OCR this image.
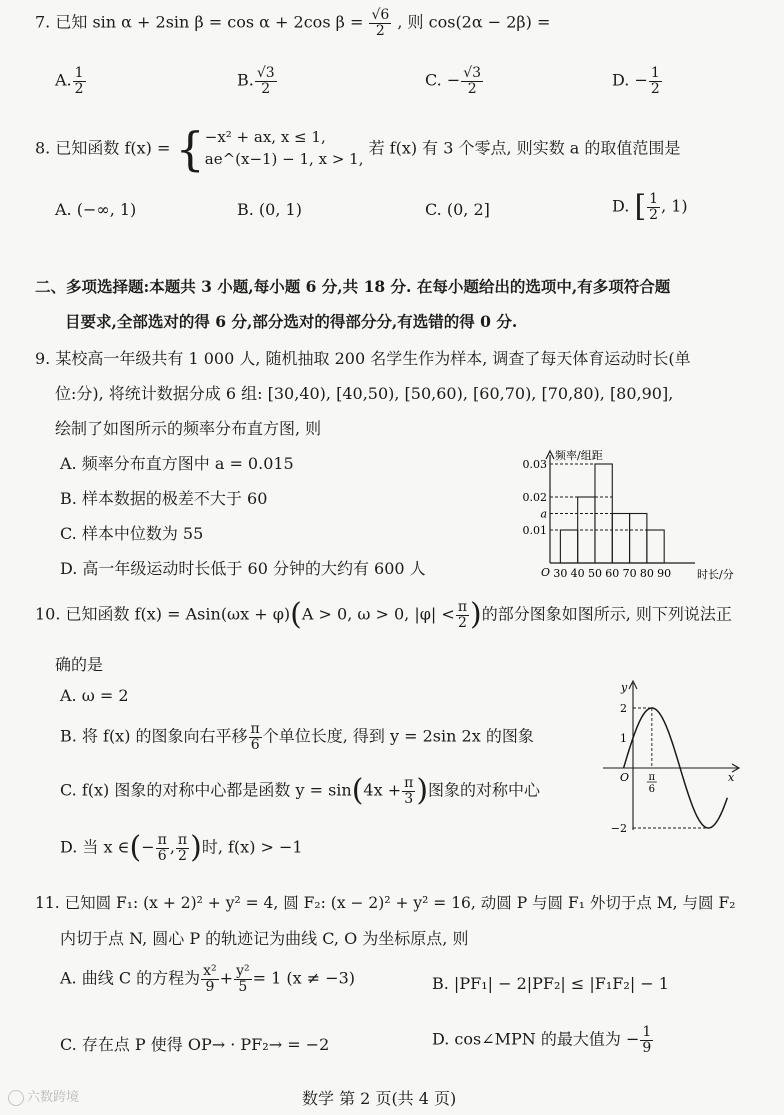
7. 已知 sin α + 2sin β = cos α + 2cos $\beta = \frac{√6}{2}$ , 则 cos(2α − 2β) =
A. $\frac{1}{2}$	B. $\frac{√3}{2}$	C. − $\frac{√3}{2}$	D. − $\frac{1}{2}$
8. 已知函数 f(x) = { −x² + ax, x ≤ 1,
ae^(x−1) − 1, x > 1,
若 f(x) 有 3 个零点, 则实数 a 的取值范围是
A. (−∞, 1)	B. (0, 1)	C. (0, 2]	D. [ $\frac{1}{2}$ , 1)
二、多项选择题:本题共 3 小题,每小题 6 分,共 18 分. 在每小题给出的选项中,有多项符合题
目要求,全部选对的得 6 分,部分选对的得部分分,有选错的得 0 分.
9. 某校高一年级共有 1 000 人, 随机抽取 200 名学生作为样本, 调查了每天体育运动时长(单
位:分), 将统计数据分成 6 组: [30,40), [40,50), [50,60), [60,70), [70,80), [80,90],
绘制了如图所示的频率分布直方图, 则
A. 频率分布直方图中 a = 0.015
B. 样本数据的极差不大于 60
C. 样本中位数为 55
D. 高一年级运动时长低于 60 分钟的大约有 600 人
0.01
a
0.02
0.03
30 40 50 60 70 80 90
频率/组距
时长/分
O
10. 已知函数 f(x) = Asin(ωx + φ)(A > 0, ω > 0, $|\varphi| < \frac{\pi}{2}$ )的部分图象如图所示, 则下列说法正
确的是
A. ω = 2
B. 将 f(x) 的图象向右平移 $\frac{\pi}{6}$ 个单位长度, 得到 y = 2sin 2x 的图象
C. f(x) 图象的对称中心都是函数 $y = \sin(4x + \frac{\pi}{3}$ )图象的对称中心
D. 当 x ∈(− $\frac{\pi}{6}$ , $\frac{\pi}{2}$ )时, f(x) > −1
2
1
−2
π
6
y
x
O
11. 已知圆 F₁: (x + 2)² + y² = 4, 圆 F₂: (x − 2)² + y² = 16, 动圆 P 与圆 F₁ 外切于点 M, 与圆 F₂
内切于点 N, 圆心 P 的轨迹记为曲线 C, O 为坐标原点, 则
A. 曲线 C 的方程为 $\frac{\text{x²}}{9} + \frac{\text{y²}}{5} = 1$ (x ≠ −3)	B. |PF₁| − 2|PF₂| ≤ |F₁F₂| − 1
C. 存在点 P 使得 OP→ · PF₂→ = −2	D. cos∠MPN 的最大值为 − $\frac{1}{9}$
数学 第 2 页(共 4 页)
六数跨境
